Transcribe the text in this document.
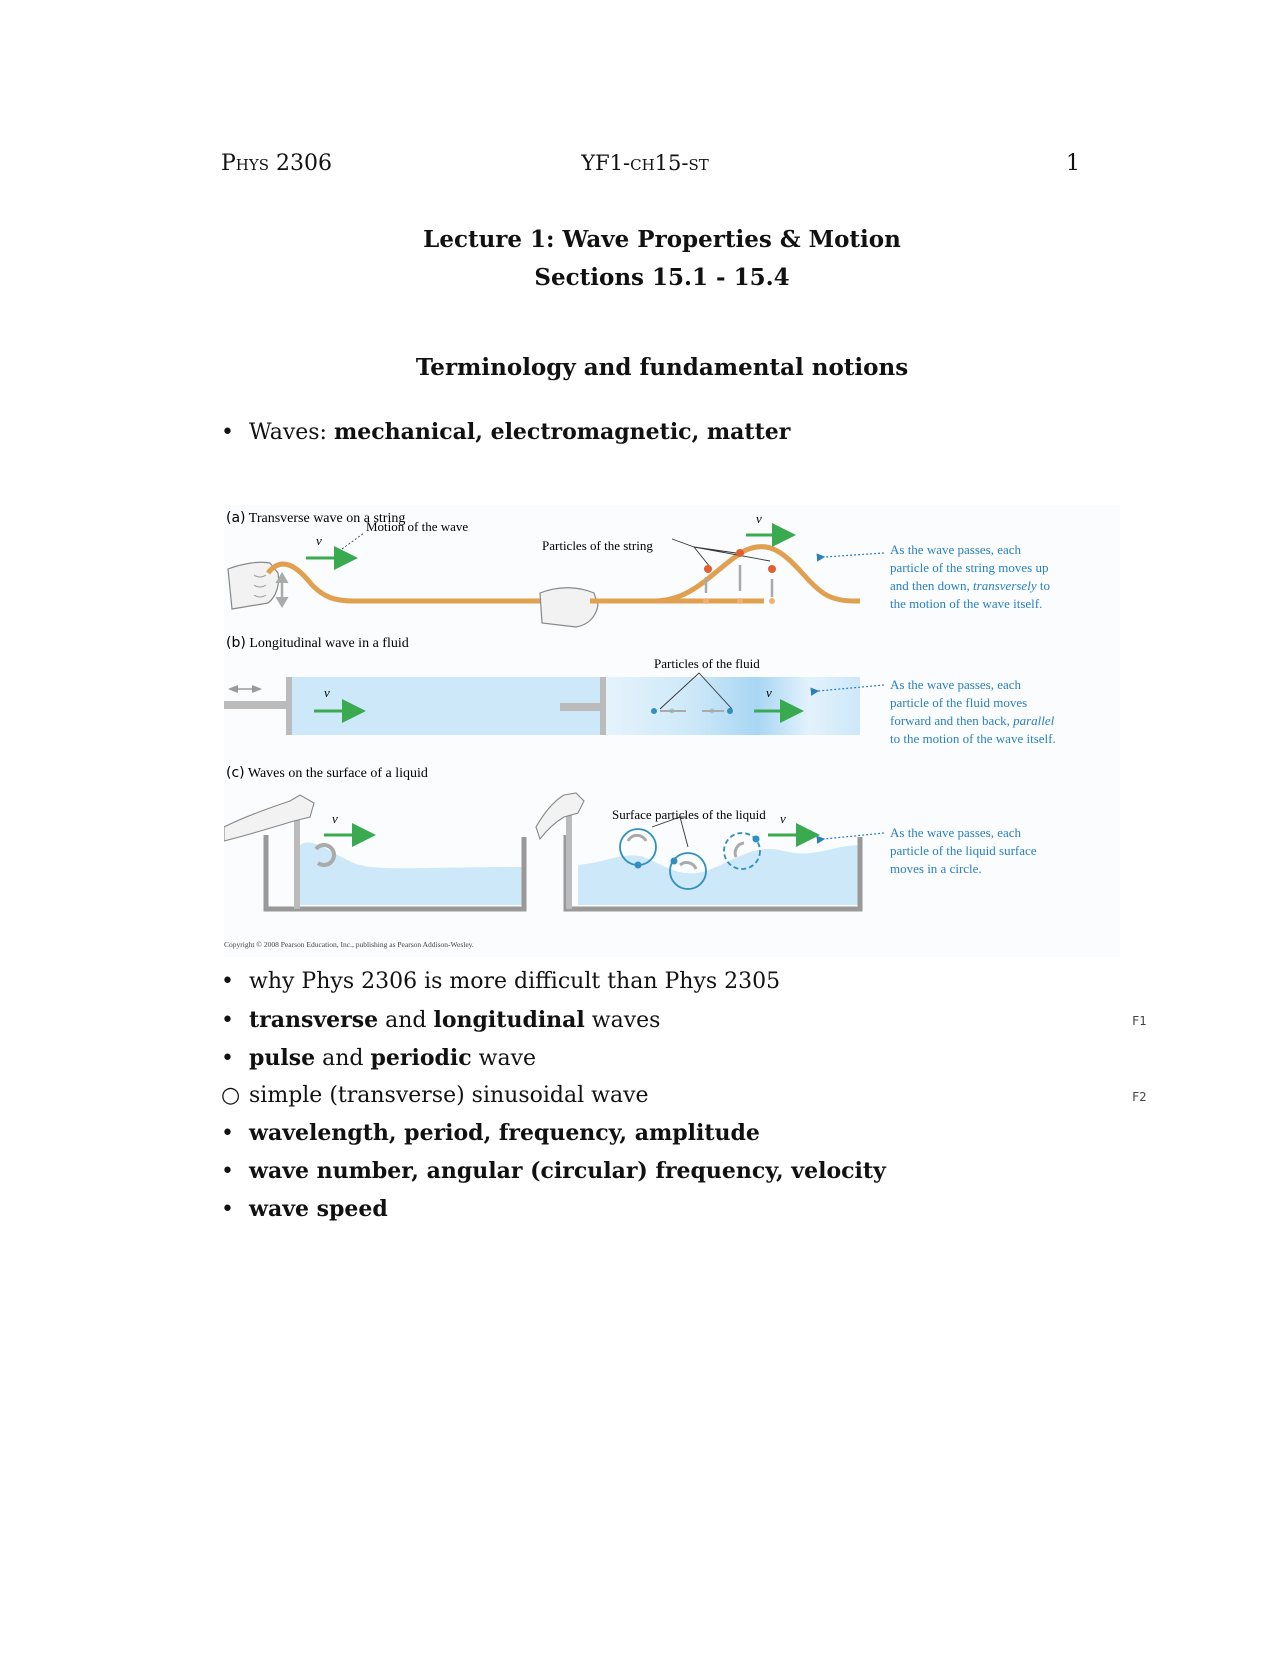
Phys 2306	YF1-ch15-st	1
Lecture 1: Wave Properties & Motion
Sections 15.1 - 15.4
Terminology and fundamental notions
• Waves: mechanical, electromagnetic, matter
(a) Transverse wave on a string
v
Motion of the wave
Particles of the string
v
As the wave passes, each particle of the string moves up and then down, transversely to the motion of the wave itself.
(b) Longitudinal wave in a fluid
v
Particles of the fluid
v
As the wave passes, each particle of the fluid moves forward and then back, parallel to the motion of the wave itself.
(c) Waves on the surface of a liquid
v	Surface particles of the liquid v
As the wave passes, each particle of the liquid surface moves in a circle.
Copyright © 2008 Pearson Education, Inc., publishing as Pearson Addison-Wesley.
• why Phys 2306 is more difficult than Phys 2305
• transverse and longitudinal waves	F1
• pulse and periodic wave
○ simple (transverse) sinusoidal wave	F2
• wavelength, period, frequency, amplitude
• wave number, angular (circular) frequency, velocity
• wave speed
